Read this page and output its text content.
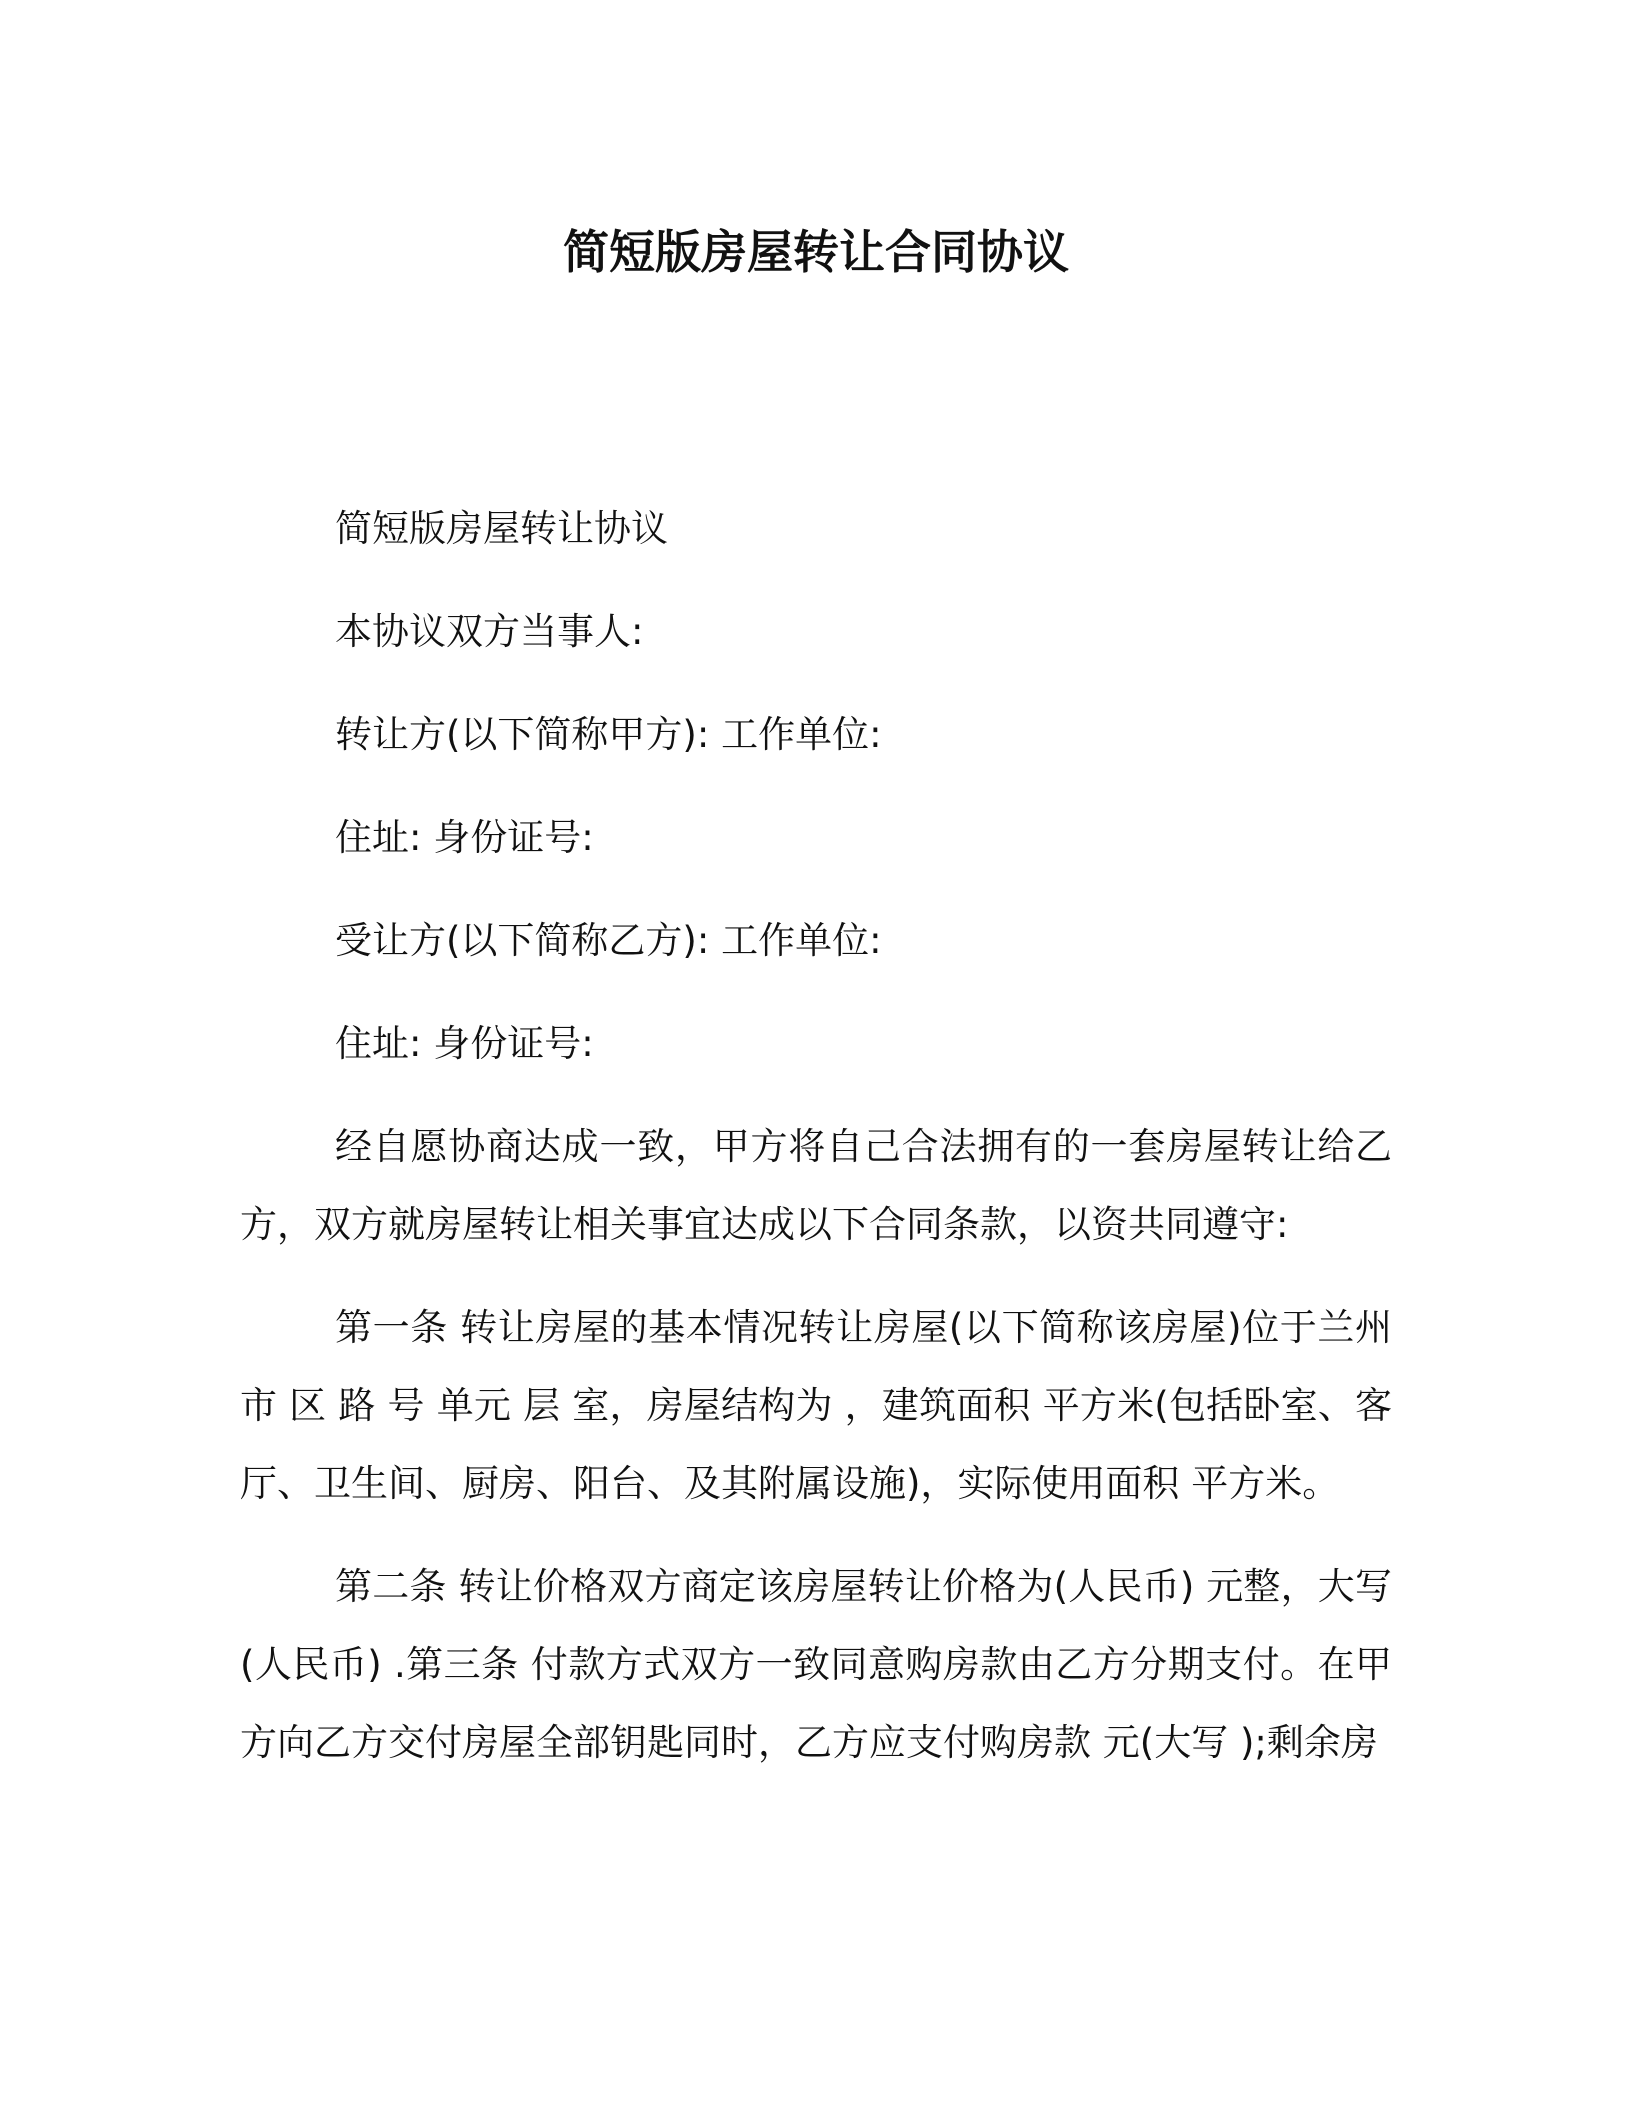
简短版房屋转让合同协议
简短版房屋转让协议
本协议双方当事人:
转让方(以下简称甲方): 工作单位:
住址: 身份证号:
受让方(以下简称乙方): 工作单位:
住址: 身份证号:
经自愿协商达成一致，甲方将自己合法拥有的一套房屋转让给乙方，双方就房屋转让相关事宜达成以下合同条款，以资共同遵守:
第一条 转让房屋的基本情况转让房屋(以下简称该房屋)位于兰州市 区 路 号 单元 层 室，房屋结构为 ，建筑面积 平方米(包括卧室、客厅、卫生间、厨房、阳台、及其附属设施)，实际使用面积 平方米。
第二条 转让价格双方商定该房屋转让价格为(人民币) 元整，大写(人民币) .第三条 付款方式双方一致同意购房款由乙方分期支付。在甲方向乙方交付房屋全部钥匙同时，乙方应支付购房款 元(大写 );剩余房
